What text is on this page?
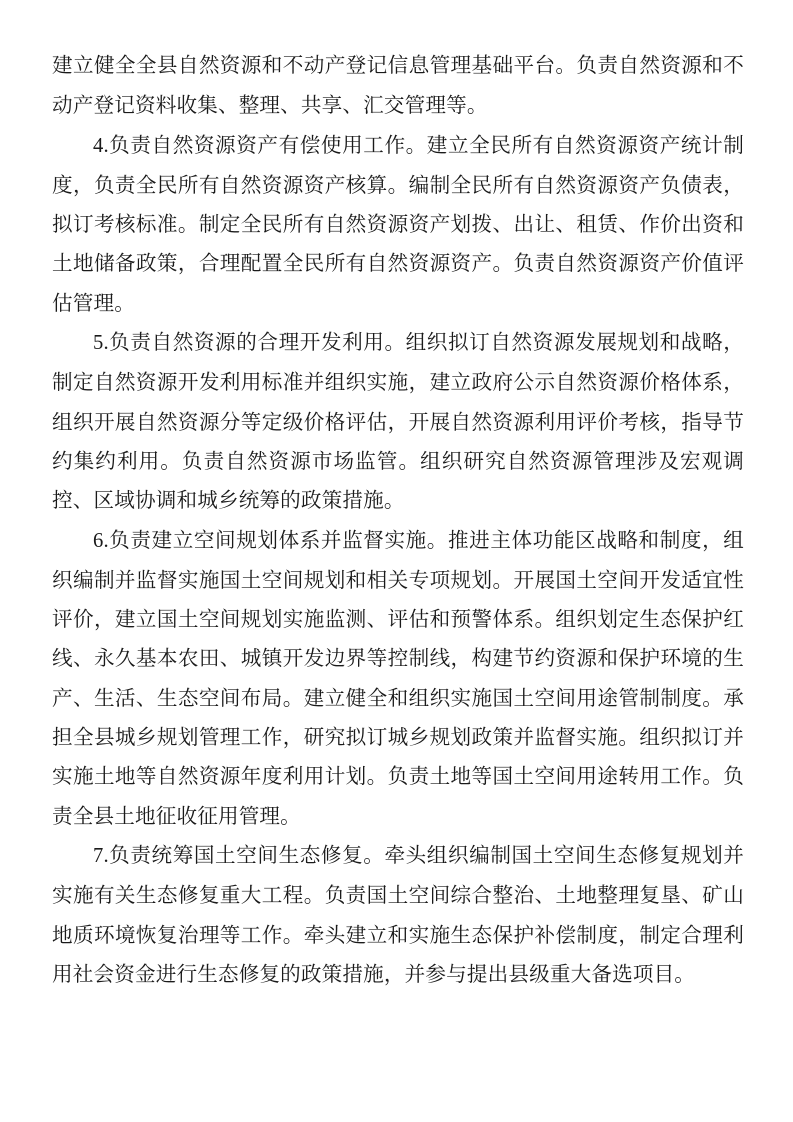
建立健全全县自然资源和不动产登记信息管理基础平台。负责自然资源和不动产登记资料收集、整理、共享、汇交管理等。

4.负责自然资源资产有偿使用工作。建立全民所有自然资源资产统计制度，负责全民所有自然资源资产核算。编制全民所有自然资源资产负债表，拟订考核标准。制定全民所有自然资源资产划拨、出让、租赁、作价出资和土地储备政策，合理配置全民所有自然资源资产。负责自然资源资产价值评估管理。

5.负责自然资源的合理开发利用。组织拟订自然资源发展规划和战略，制定自然资源开发利用标准并组织实施，建立政府公示自然资源价格体系，组织开展自然资源分等定级价格评估，开展自然资源利用评价考核，指导节约集约利用。负责自然资源市场监管。组织研究自然资源管理涉及宏观调控、区域协调和城乡统筹的政策措施。

6.负责建立空间规划体系并监督实施。推进主体功能区战略和制度，组织编制并监督实施国土空间规划和相关专项规划。开展国土空间开发适宜性评价，建立国土空间规划实施监测、评估和预警体系。组织划定生态保护红线、永久基本农田、城镇开发边界等控制线，构建节约资源和保护环境的生产、生活、生态空间布局。建立健全和组织实施国土空间用途管制制度。承担全县城乡规划管理工作，研究拟订城乡规划政策并监督实施。组织拟订并实施土地等自然资源年度利用计划。负责土地等国土空间用途转用工作。负责全县土地征收征用管理。

7.负责统筹国土空间生态修复。牵头组织编制国土空间生态修复规划并实施有关生态修复重大工程。负责国土空间综合整治、土地整理复垦、矿山地质环境恢复治理等工作。牵头建立和实施生态保护补偿制度，制定合理利用社会资金进行生态修复的政策措施，并参与提出县级重大备选项目。
